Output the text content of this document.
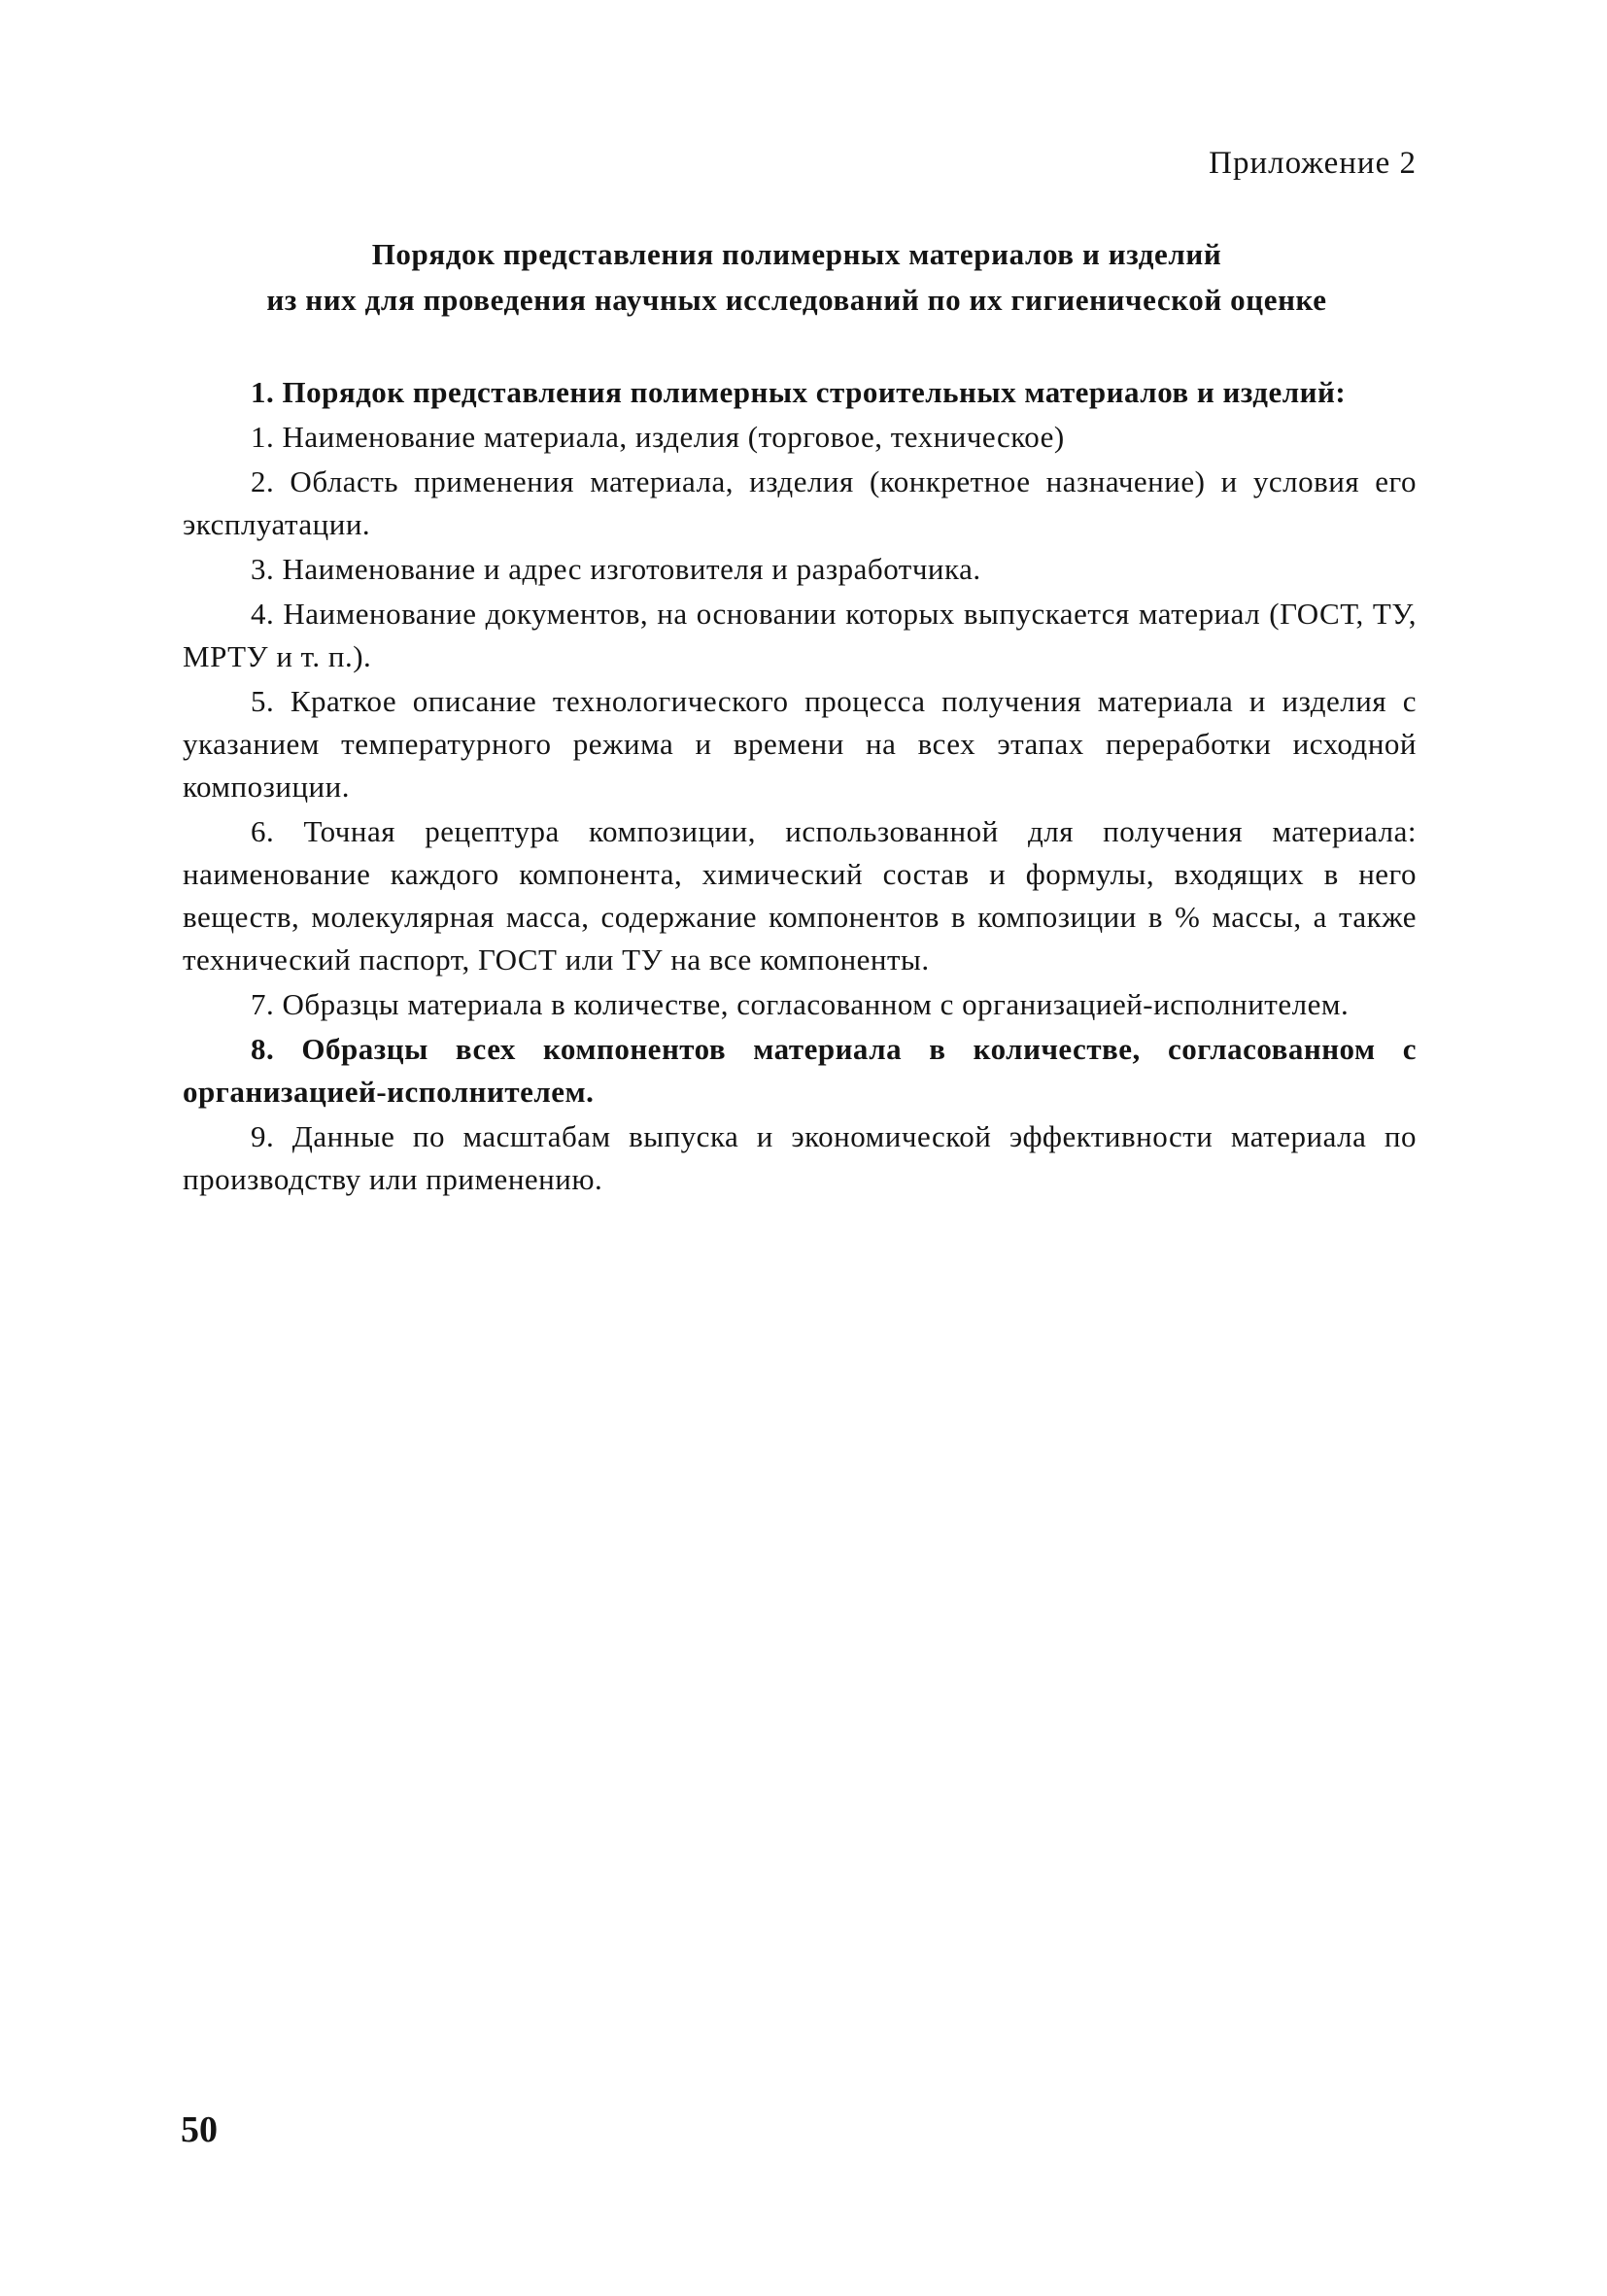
Приложение 2
Порядок представления полимерных материалов и изделий
из них для проведения научных исследований по их гигиенической оценке

1. Порядок представления полимерных строительных материалов и изделий:

1. Наименование материала, изделия (торговое, техническое)

2. Область применения материала, изделия (конкретное назначение) и условия его эксплуатации.

3. Наименование и адрес изготовителя и разработчика.

4. Наименование документов, на основании которых выпускается материал (ГОСТ, ТУ, МРТУ и т. п.).

5. Краткое описание технологического процесса получения материала и изделия с указанием температурного режима и времени на всех этапах переработки исходной композиции.

6. Точная рецептура композиции, использованной для получения материала: наименование каждого компонента, химический состав и формулы, входящих в него веществ, молекулярная масса, содержание компонентов в композиции в % массы, а также технический паспорт, ГОСТ или ТУ на все компоненты.

7. Образцы материала в количестве, согласованном с организацией-исполнителем.

8. Образцы всех компонентов материала в количестве, согласованном с организацией-исполнителем.

9. Данные по масштабам выпуска и экономической эффективности материала по производству или применению.

50
